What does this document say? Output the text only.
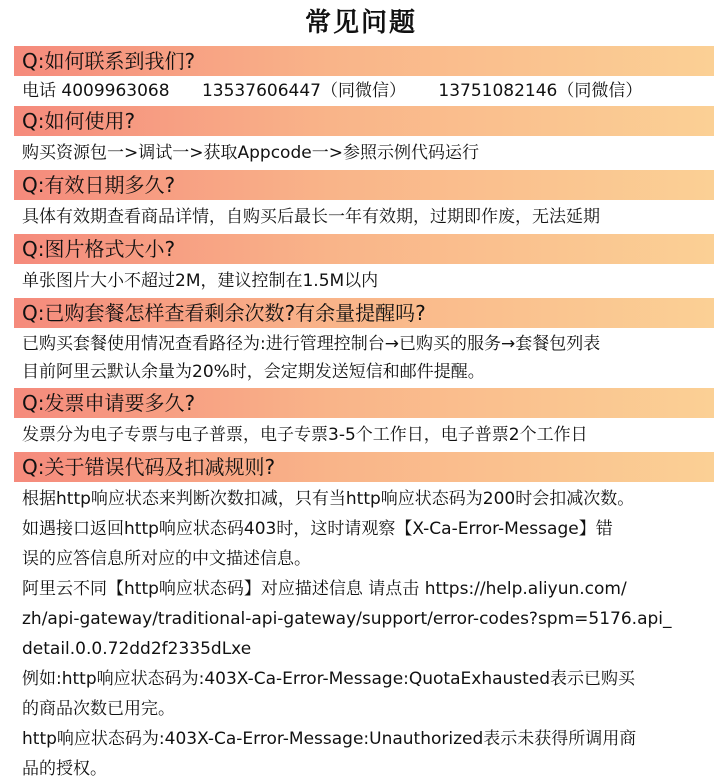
常见问题
Q:如何联系到我们?
电话 4009963068      13537606447（同微信）      13751082146（同微信）
Q:如何使用?
购买资源包一>调试一>获取Appcode一>参照示例代码运行
Q:有效日期多久?
具体有效期查看商品详情，自购买后最长一年有效期，过期即作废，无法延期
Q:图片格式大小?
单张图片大小不超过2M，建议控制在1.5M以内
Q:已购套餐怎样查看剩余次数?有余量提醒吗?
已购买套餐使用情况查看路径为:进行管理控制台→已购买的服务→套餐包列表
目前阿里云默认余量为20%时，会定期发送短信和邮件提醒。
Q:发票申请要多久?
发票分为电子专票与电子普票，电子专票3-5个工作日，电子普票2个工作日
Q:关于错误代码及扣减规则?
根据http响应状态来判断次数扣减，只有当http响应状态码为200时会扣减次数。
如遇接口返回http响应状态码403时，这时请观察【X-Ca-Error-Message】错
误的应答信息所对应的中文描述信息。
阿里云不同【http响应状态码】对应描述信息 请点击 https://help.aliyun.com/
zh/api-gateway/traditional-api-gateway/support/error-codes?spm=5176.api_
detail.0.0.72dd2f2335dLxe
例如:http响应状态码为:403X-Ca-Error-Message:QuotaExhausted表示已购买
的商品次数已用完。
http响应状态码为:403X-Ca-Error-Message:Unauthorized表示未获得所调用商
品的授权。
